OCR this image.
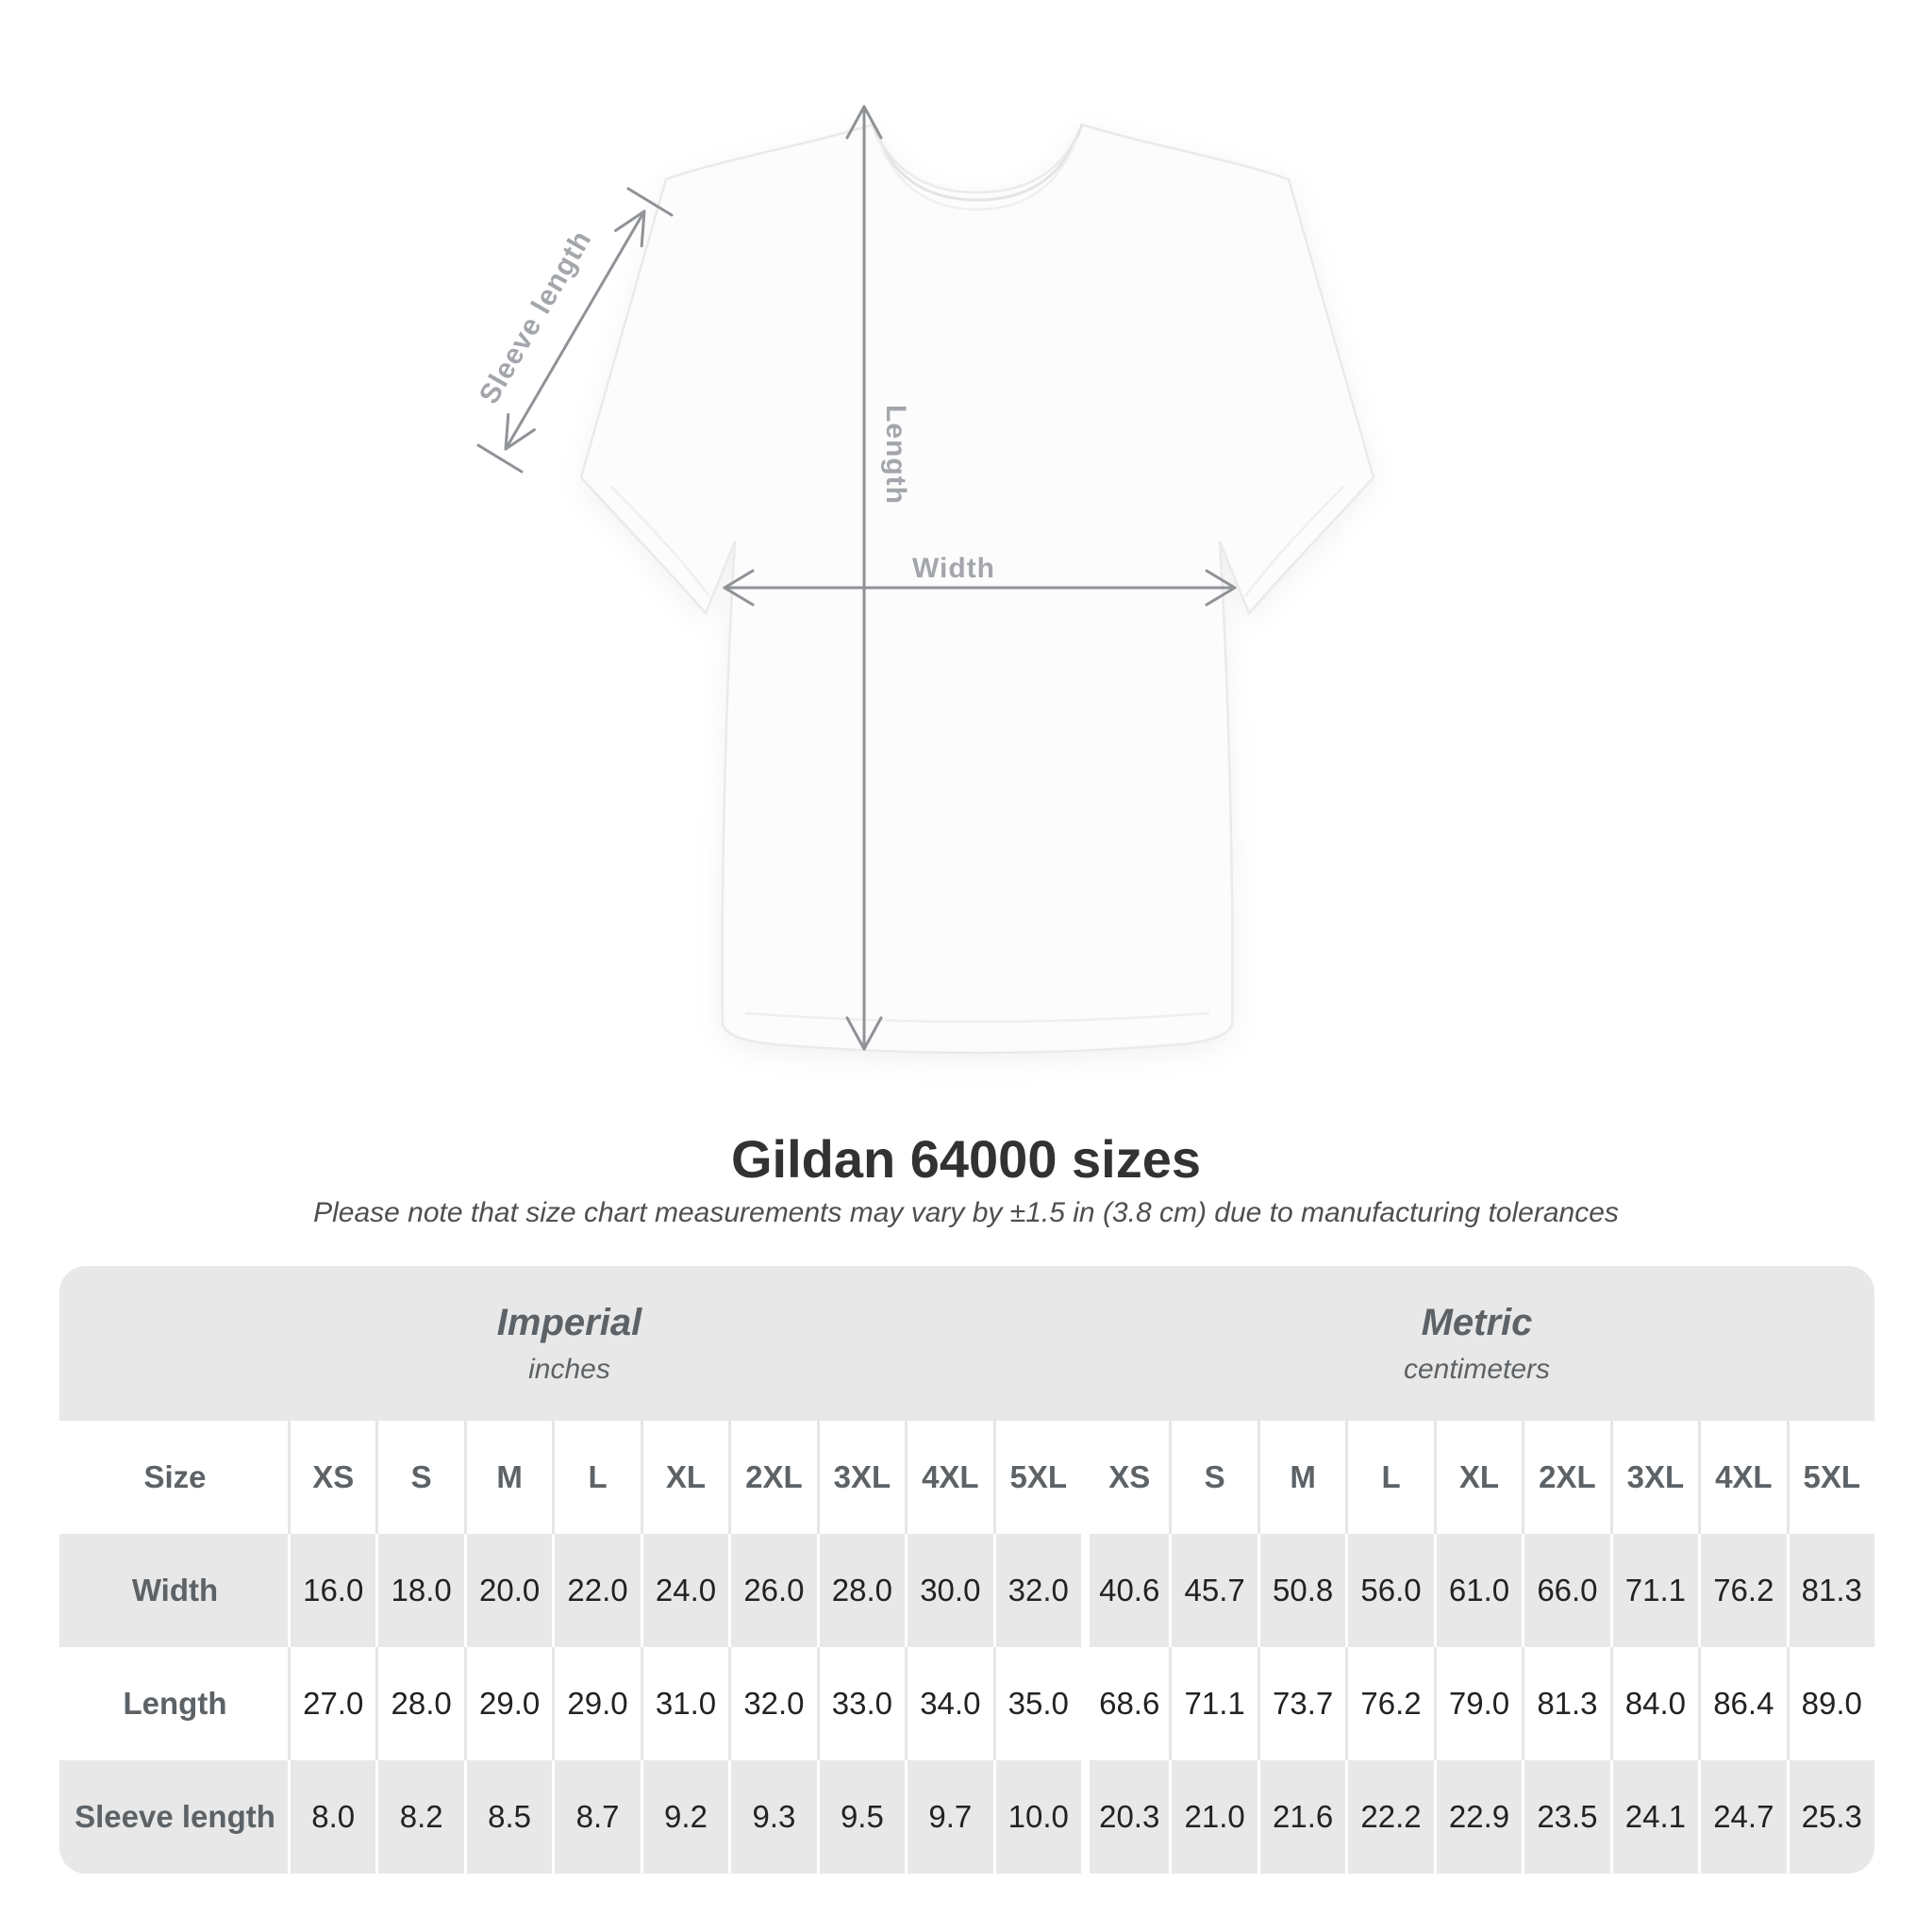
Sleeve length
Length
Width
Gildan 64000 sizes
Please note that size chart measurements may vary by ±1.5 in (3.8 cm) due to manufacturing tolerances
Imperial
inches
Metric
centimeters
Size	XS	S	M	L	XL	2XL 3XL 4XL 5XL	XS	S	M	L	XL	2XL 3XL 4XL 5XL
Width	16.0 18.0 20.0 22.0 24.0 26.0 28.0 30.0 32.0 40.6 45.7 50.8 56.0 61.0 66.0 71.1 76.2 81.3
Length	27.0 28.0 29.0 29.0 31.0 32.0 33.0 34.0 35.0 68.6 71.1 73.7 76.2 79.0 81.3 84.0 86.4 89.0
Sleeve length	8.0	8.2	8.5	8.7	9.2	9.3	9.5	9.7	10.0 20.3 21.0 21.6 22.2 22.9 23.5 24.1 24.7 25.3
